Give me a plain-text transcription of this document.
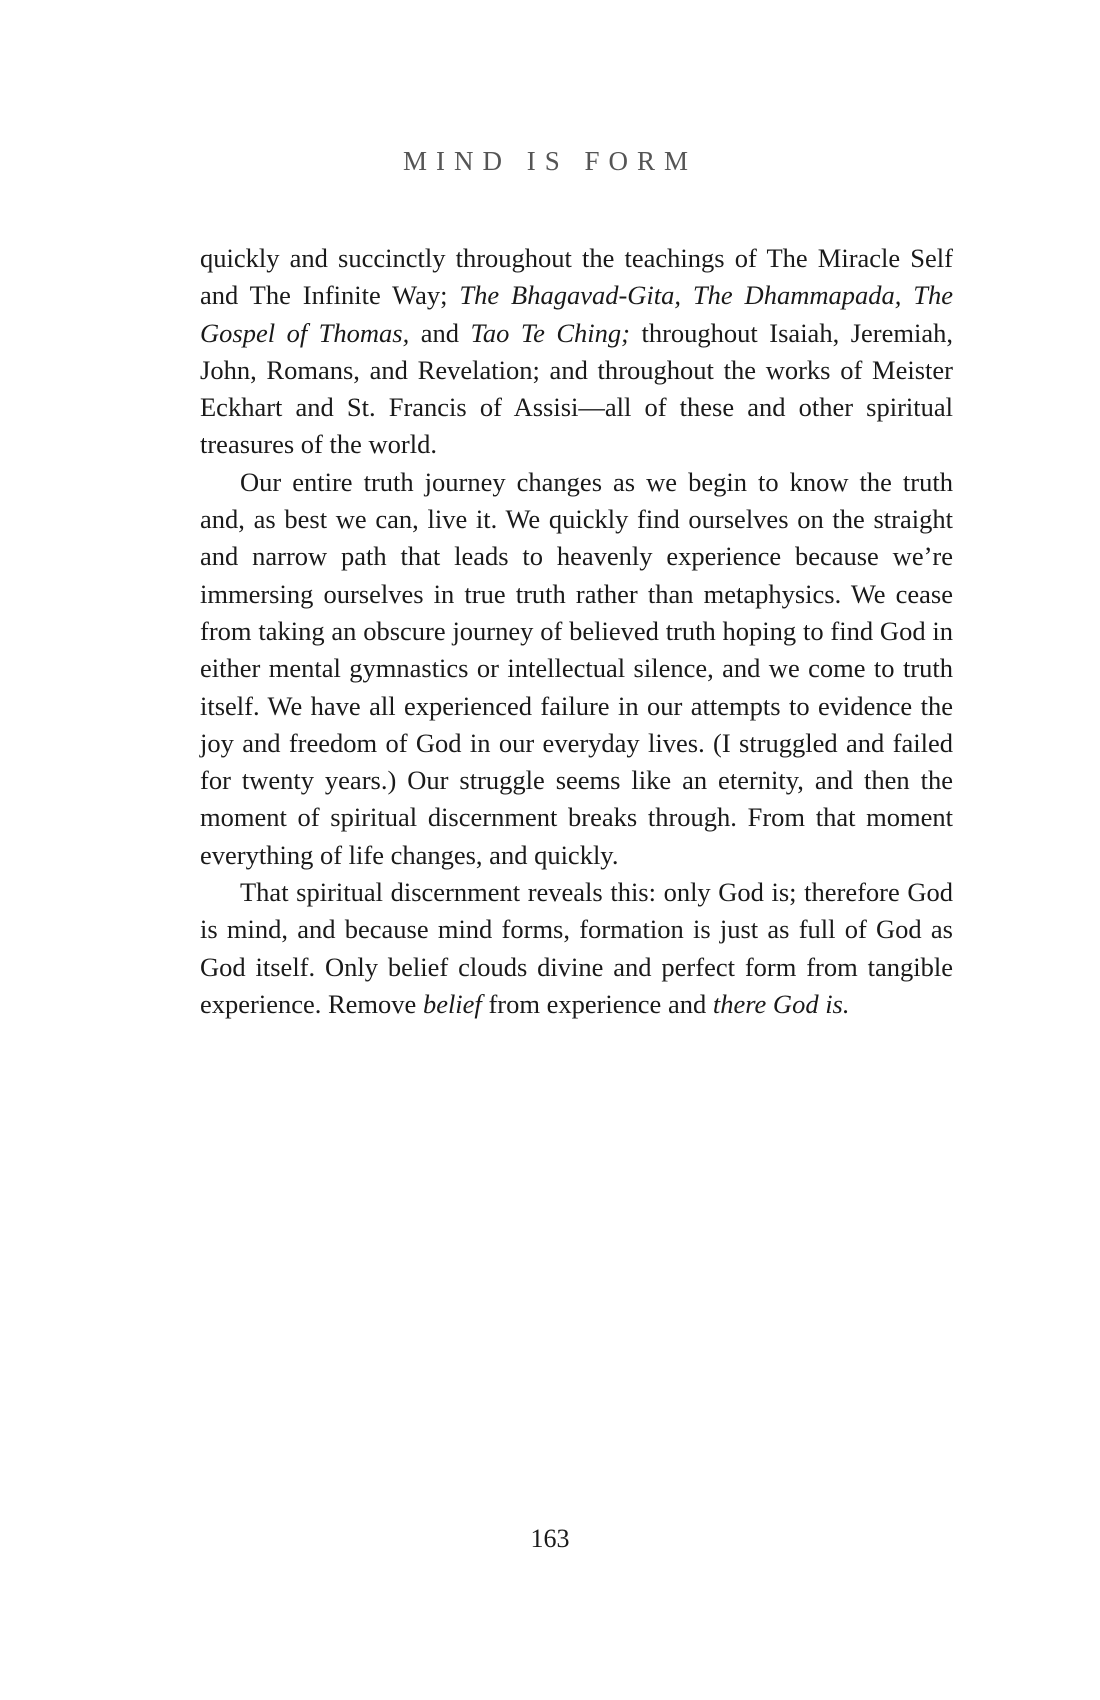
MIND IS FORM

quickly and succinctly throughout the teachings of The Miracle Self and The Infinite Way; The Bhagavad-Gita, The Dhammapada, The Gospel of Thomas, and Tao Te Ching; throughout Isaiah, Jeremiah, John, Romans, and Revelation; and throughout the works of Meister Eckhart and St. Francis of Assisi—all of these and other spiritual treasures of the world.

Our entire truth journey changes as we begin to know the truth and, as best we can, live it. We quickly find ourselves on the straight and narrow path that leads to heavenly experience because we’re immersing ourselves in true truth rather than metaphysics. We cease from taking an obscure journey of believed truth hoping to find God in either mental gymnastics or intellectual silence, and we come to truth itself. We have all experienced failure in our attempts to evidence the joy and freedom of God in our everyday lives. (I struggled and failed for twenty years.) Our struggle seems like an eternity, and then the moment of spiritual discernment breaks through. From that moment everything of life changes, and quickly.

That spiritual discernment reveals this: only God is; therefore God is mind, and because mind forms, formation is just as full of God as God itself. Only belief clouds divine and perfect form from tangible experience. Remove belief from experience and there God is.

163
